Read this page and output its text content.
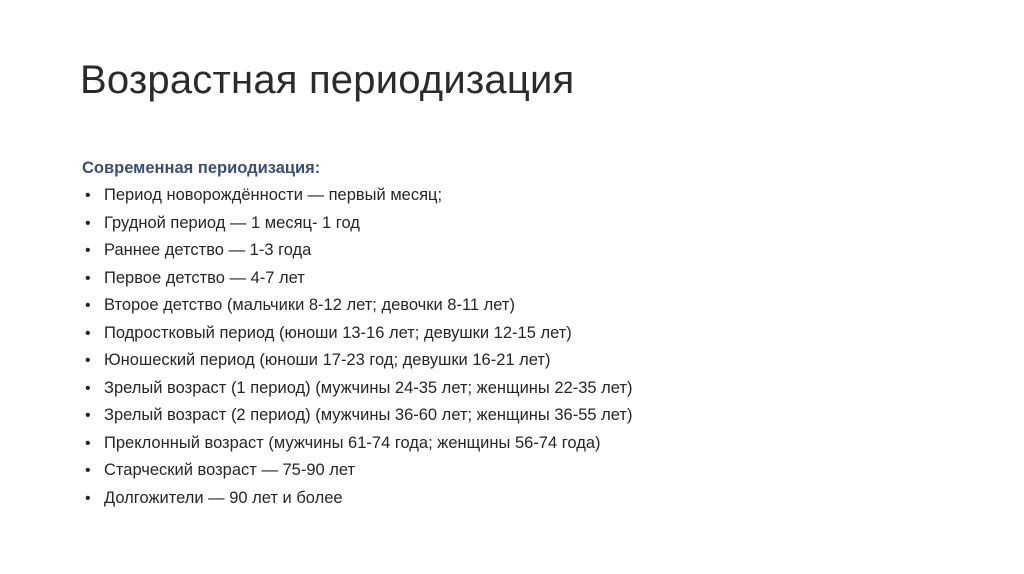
Возрастная периодизация
Современная периодизация:
• Период новорождённости — первый месяц;
• Грудной период — 1 месяц- 1 год
• Раннее детство — 1-3 года
• Первое детство — 4-7 лет
• Второе детство (мальчики 8-12 лет; девочки 8-11 лет)
• Подростковый период (юноши 13-16 лет; девушки 12-15 лет)
• Юношеский период (юноши 17-23 год; девушки 16-21 лет)
• Зрелый возраст (1 период) (мужчины 24-35 лет; женщины 22-35 лет)
• Зрелый возраст (2 период) (мужчины 36-60 лет; женщины 36-55 лет)
• Преклонный возраст (мужчины 61-74 года; женщины 56-74 года)
• Старческий возраст — 75-90 лет
• Долгожители — 90 лет и более
